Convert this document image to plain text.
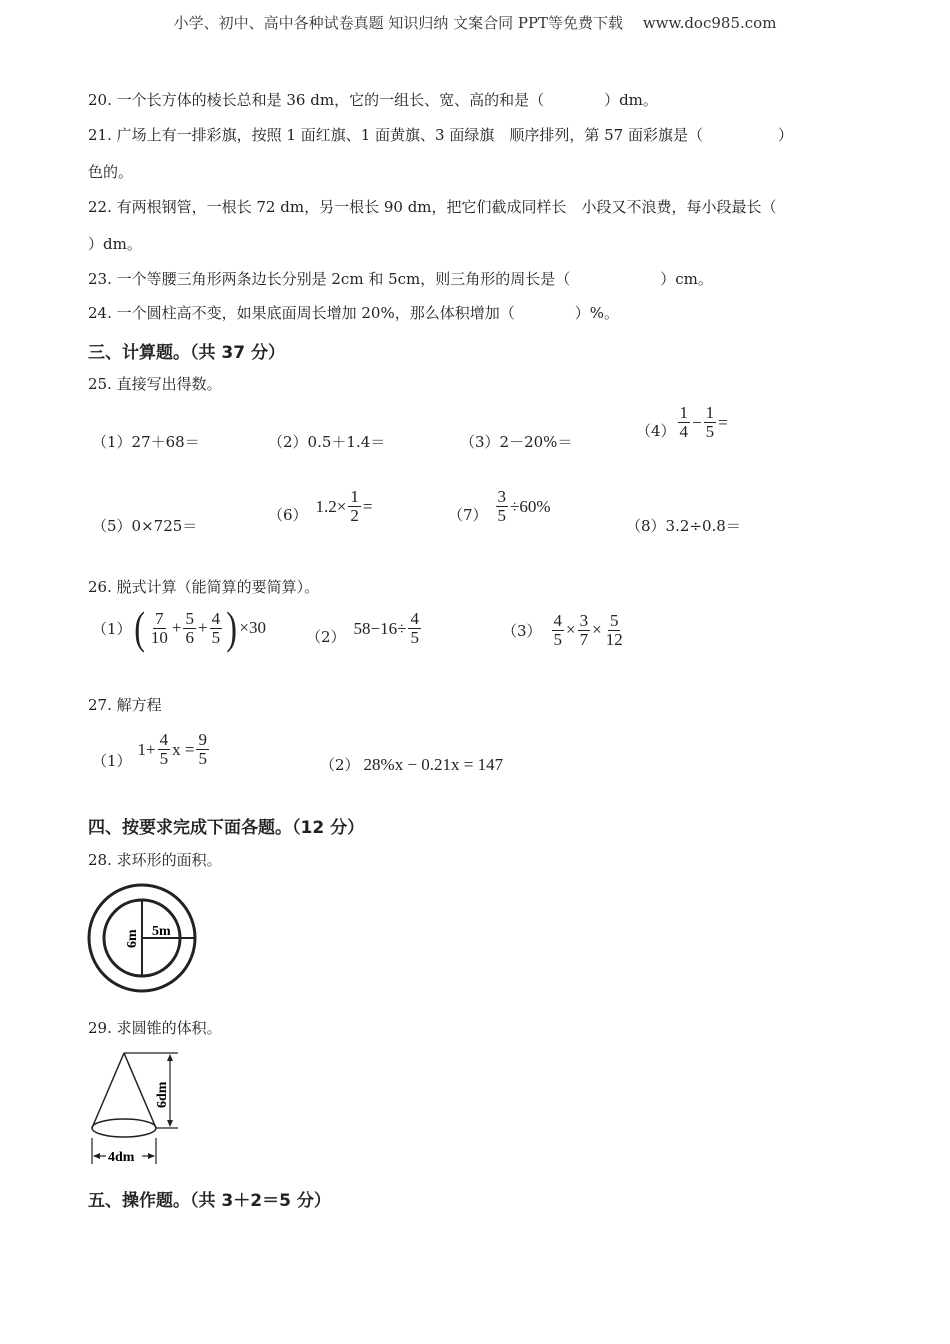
小学、初中、高中各种试卷真题 知识归纳 文案合同 PPT等免费下载　 www.doc985.com
20. 一个长方体的棱长总和是 36 dm，它的一组长、宽、高的和是（　　　　）dm。
21. 广场上有一排彩旗，按照 1 面红旗、1 面黄旗、3 面绿旗　顺序排列，第 57 面彩旗是（　　　　　）
色的。
22. 有两根钢管，一根长 72 dm，另一根长 90 dm，把它们截成同样长　小段又不浪费，每小段最长（
）dm。
23. 一个等腰三角形两条边长分别是 2cm 和 5cm，则三角形的周长是（　　　　　　）cm。
24. 一个圆柱高不变，如果底面周长增加 20%，那么体积增加（　　　　）%。
三、计算题。（共 37 分）
25. 直接写出得数。
（1）27＋68＝	（2）0.5＋1.4＝	（3）2－20%＝
$(4) \frac{1}{4} - \frac{1}{5}$ =
（5）0×725＝
（6） $1.2\times \frac{1}{2}$ =	$(7) \frac{3}{5} \div 60\%$
（8）3.2÷0.8＝
26. 脱式计算（能简算的要简算）。
（1） ( $\frac{7}{10} + \frac{5}{6} + \frac{4}{5}$ ) ×30	（2） $58-16\div \frac{4}{5}$	$(3) \frac{4}{5} \times \frac{3}{7} \times \frac{5}{12}$
27. 解方程
（1）
$1+ \frac{4}{5}$ $x = \frac{9}{5}$	（2） 28%x − 0.21x = 147
四、按要求完成下面各题。（12 分）
28. 求环形的面积。
6m 5m
29. 求圆锥的体积。
6dm
4dm
五、操作题。（共 3＋2＝5 分）
